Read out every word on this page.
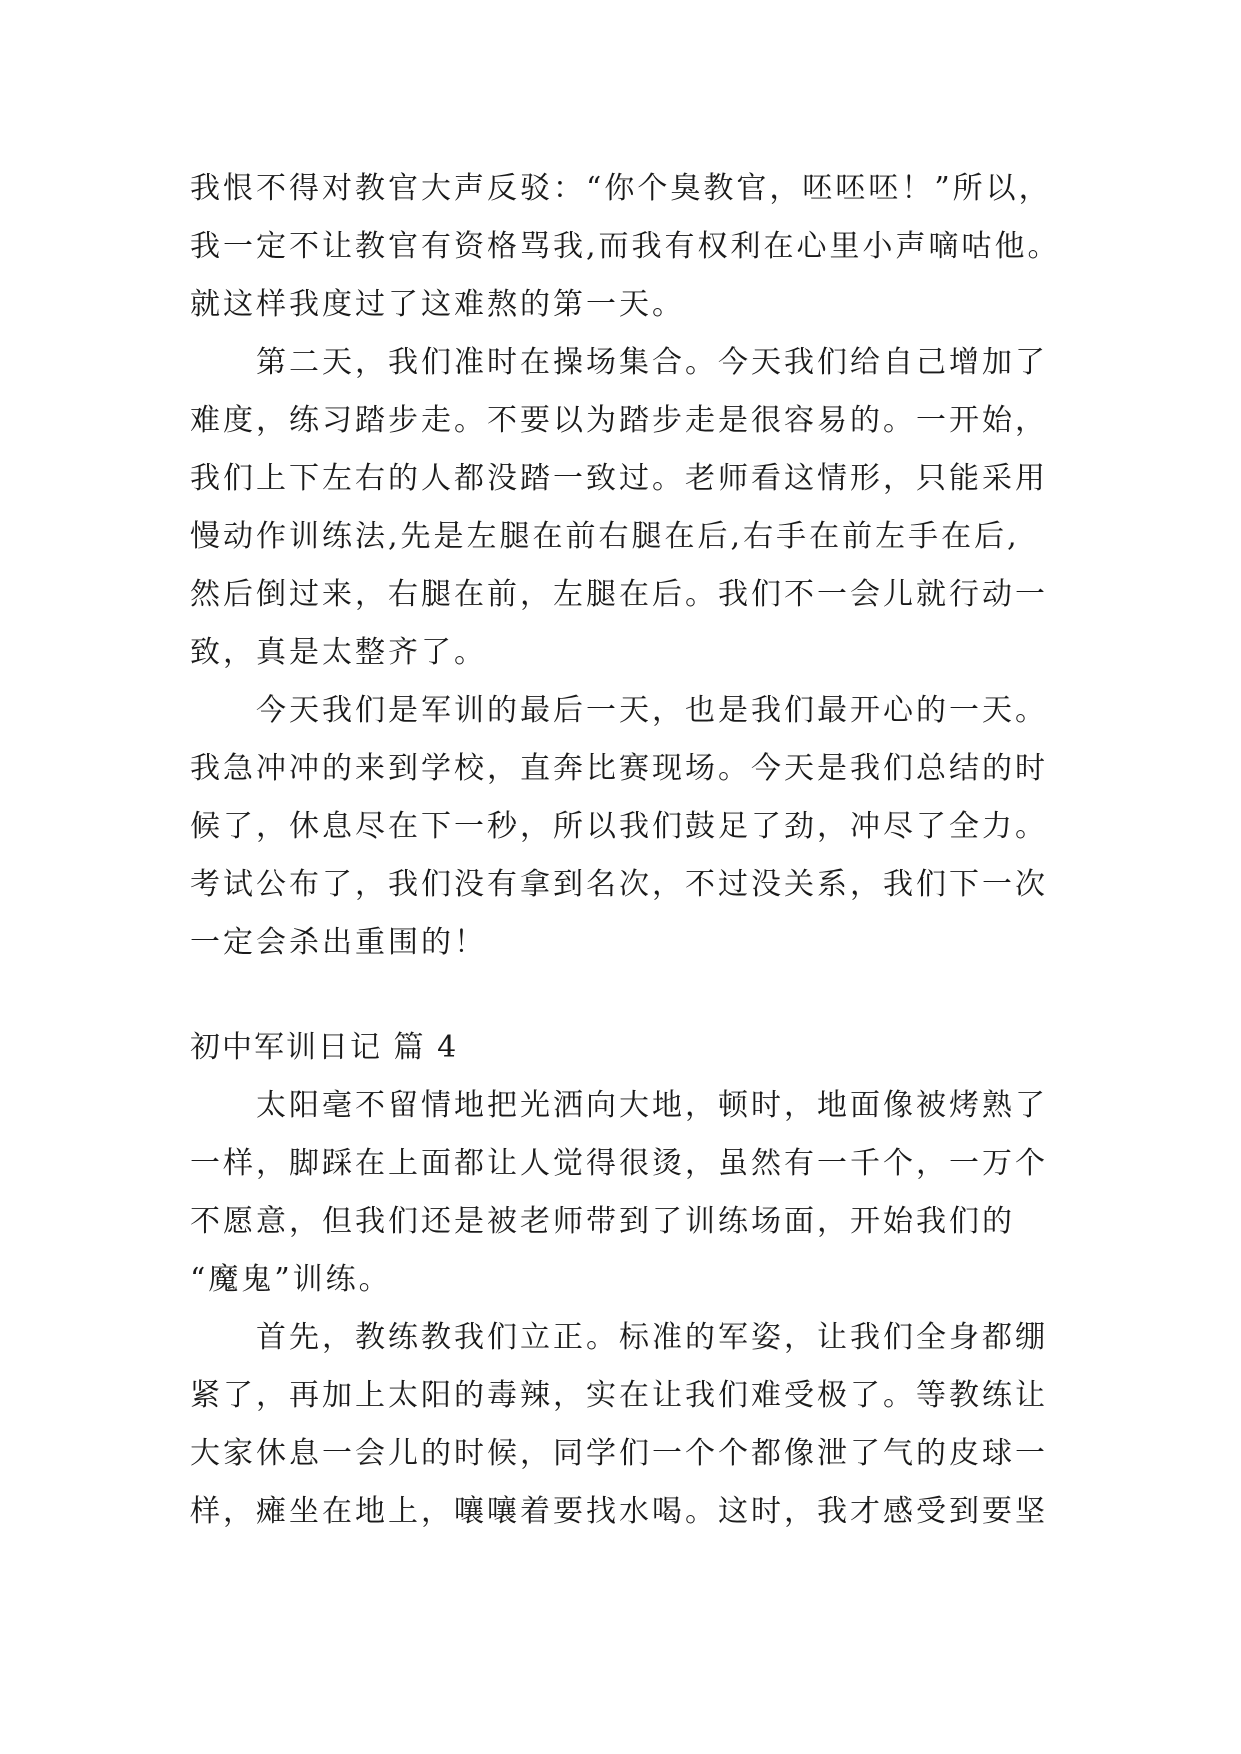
我恨不得对教官大声反驳：“你个臭教官，呸呸呸！”所以，
我一定不让教官有资格骂我,而我有权利在心里小声嘀咕他。
就这样我度过了这难熬的第一天。
第二天，我们准时在操场集合。今天我们给自己增加了
难度，练习踏步走。不要以为踏步走是很容易的。一开始，
我们上下左右的人都没踏一致过。老师看这情形，只能采用
慢动作训练法,先是左腿在前右腿在后,右手在前左手在后,
然后倒过来，右腿在前，左腿在后。我们不一会儿就行动一
致，真是太整齐了。
今天我们是军训的最后一天，也是我们最开心的一天。
我急冲冲的来到学校，直奔比赛现场。今天是我们总结的时
候了，休息尽在下一秒，所以我们鼓足了劲，冲尽了全力。
考试公布了，我们没有拿到名次，不过没关系，我们下一次
一定会杀出重围的！
初中军训日记 篇 4
太阳毫不留情地把光洒向大地，顿时，地面像被烤熟了
一样，脚踩在上面都让人觉得很烫，虽然有一千个，一万个
不愿意，但我们还是被老师带到了训练场面，开始我们的
“魔鬼”训练。
首先，教练教我们立正。标准的军姿，让我们全身都绷
紧了，再加上太阳的毒辣，实在让我们难受极了。等教练让
大家休息一会儿的时候，同学们一个个都像泄了气的皮球一
样，瘫坐在地上，嚷嚷着要找水喝。这时，我才感受到要坚
